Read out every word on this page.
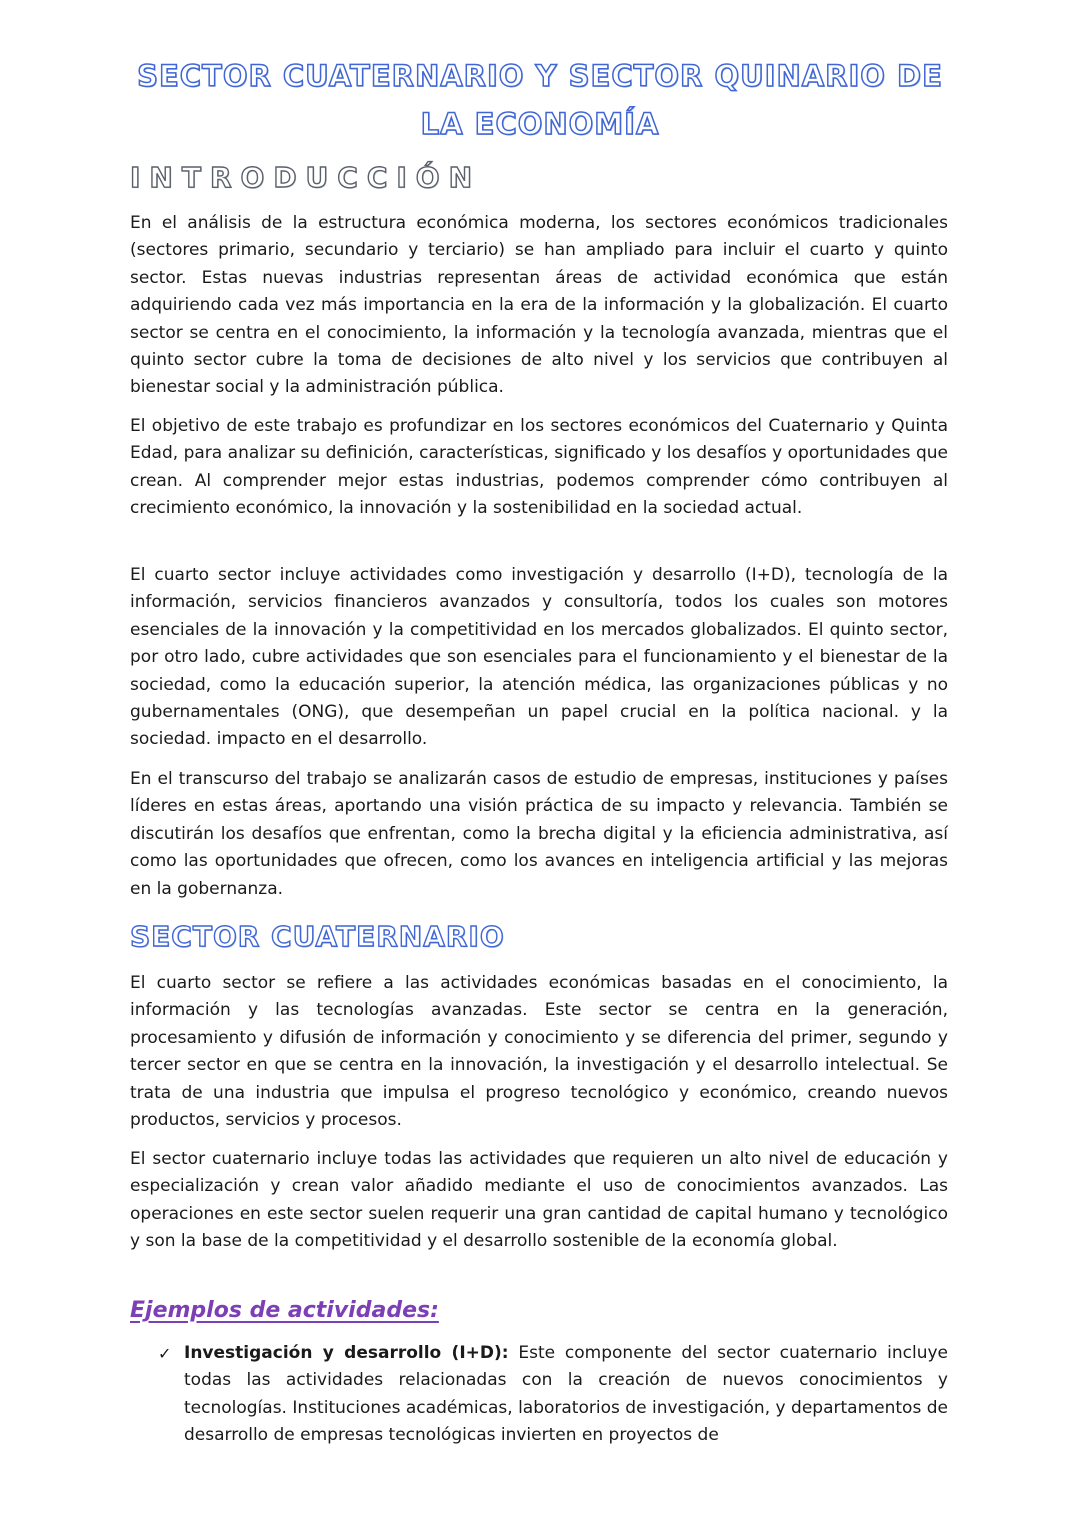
SECTOR CUATERNARIO Y SECTOR QUINARIO DE LA ECONOMÍA
INTRODUCCIÓN

En el análisis de la estructura económica moderna, los sectores económicos tradicionales (sectores primario, secundario y terciario) se han ampliado para incluir el cuarto y quinto sector. Estas nuevas industrias representan áreas de actividad económica que están adquiriendo cada vez más importancia en la era de la información y la globalización. El cuarto sector se centra en el conocimiento, la información y la tecnología avanzada, mientras que el quinto sector cubre la toma de decisiones de alto nivel y los servicios que contribuyen al bienestar social y la administración pública.

El objetivo de este trabajo es profundizar en los sectores económicos del Cuaternario y Quinta Edad, para analizar su definición, características, significado y los desafíos y oportunidades que crean. Al comprender mejor estas industrias, podemos comprender cómo contribuyen al crecimiento económico, la innovación y la sostenibilidad en la sociedad actual.

El cuarto sector incluye actividades como investigación y desarrollo (I+D), tecnología de la información, servicios financieros avanzados y consultoría, todos los cuales son motores esenciales de la innovación y la competitividad en los mercados globalizados. El quinto sector, por otro lado, cubre actividades que son esenciales para el funcionamiento y el bienestar de la sociedad, como la educación superior, la atención médica, las organizaciones públicas y no gubernamentales (ONG), que desempeñan un papel crucial en la política nacional. y la sociedad. impacto en el desarrollo.

En el transcurso del trabajo se analizarán casos de estudio de empresas, instituciones y países líderes en estas áreas, aportando una visión práctica de su impacto y relevancia. También se discutirán los desafíos que enfrentan, como la brecha digital y la eficiencia administrativa, así como las oportunidades que ofrecen, como los avances en inteligencia artificial y las mejoras en la gobernanza.

SECTOR CUATERNARIO

El cuarto sector se refiere a las actividades económicas basadas en el conocimiento, la información y las tecnologías avanzadas. Este sector se centra en la generación, procesamiento y difusión de información y conocimiento y se diferencia del primer, segundo y tercer sector en que se centra en la innovación, la investigación y el desarrollo intelectual. Se trata de una industria que impulsa el progreso tecnológico y económico, creando nuevos productos, servicios y procesos.

El sector cuaternario incluye todas las actividades que requieren un alto nivel de educación y especialización y crean valor añadido mediante el uso de conocimientos avanzados. Las operaciones en este sector suelen requerir una gran cantidad de capital humano y tecnológico y son la base de la competitividad y el desarrollo sostenible de la economía global.

Ejemplos de actividades:
✓ Investigación y desarrollo (I+D): Este componente del sector cuaternario incluye todas las actividades relacionadas con la creación de nuevos conocimientos y tecnologías. Instituciones académicas, laboratorios de investigación, y departamentos de desarrollo de empresas tecnológicas invierten en proyectos de
